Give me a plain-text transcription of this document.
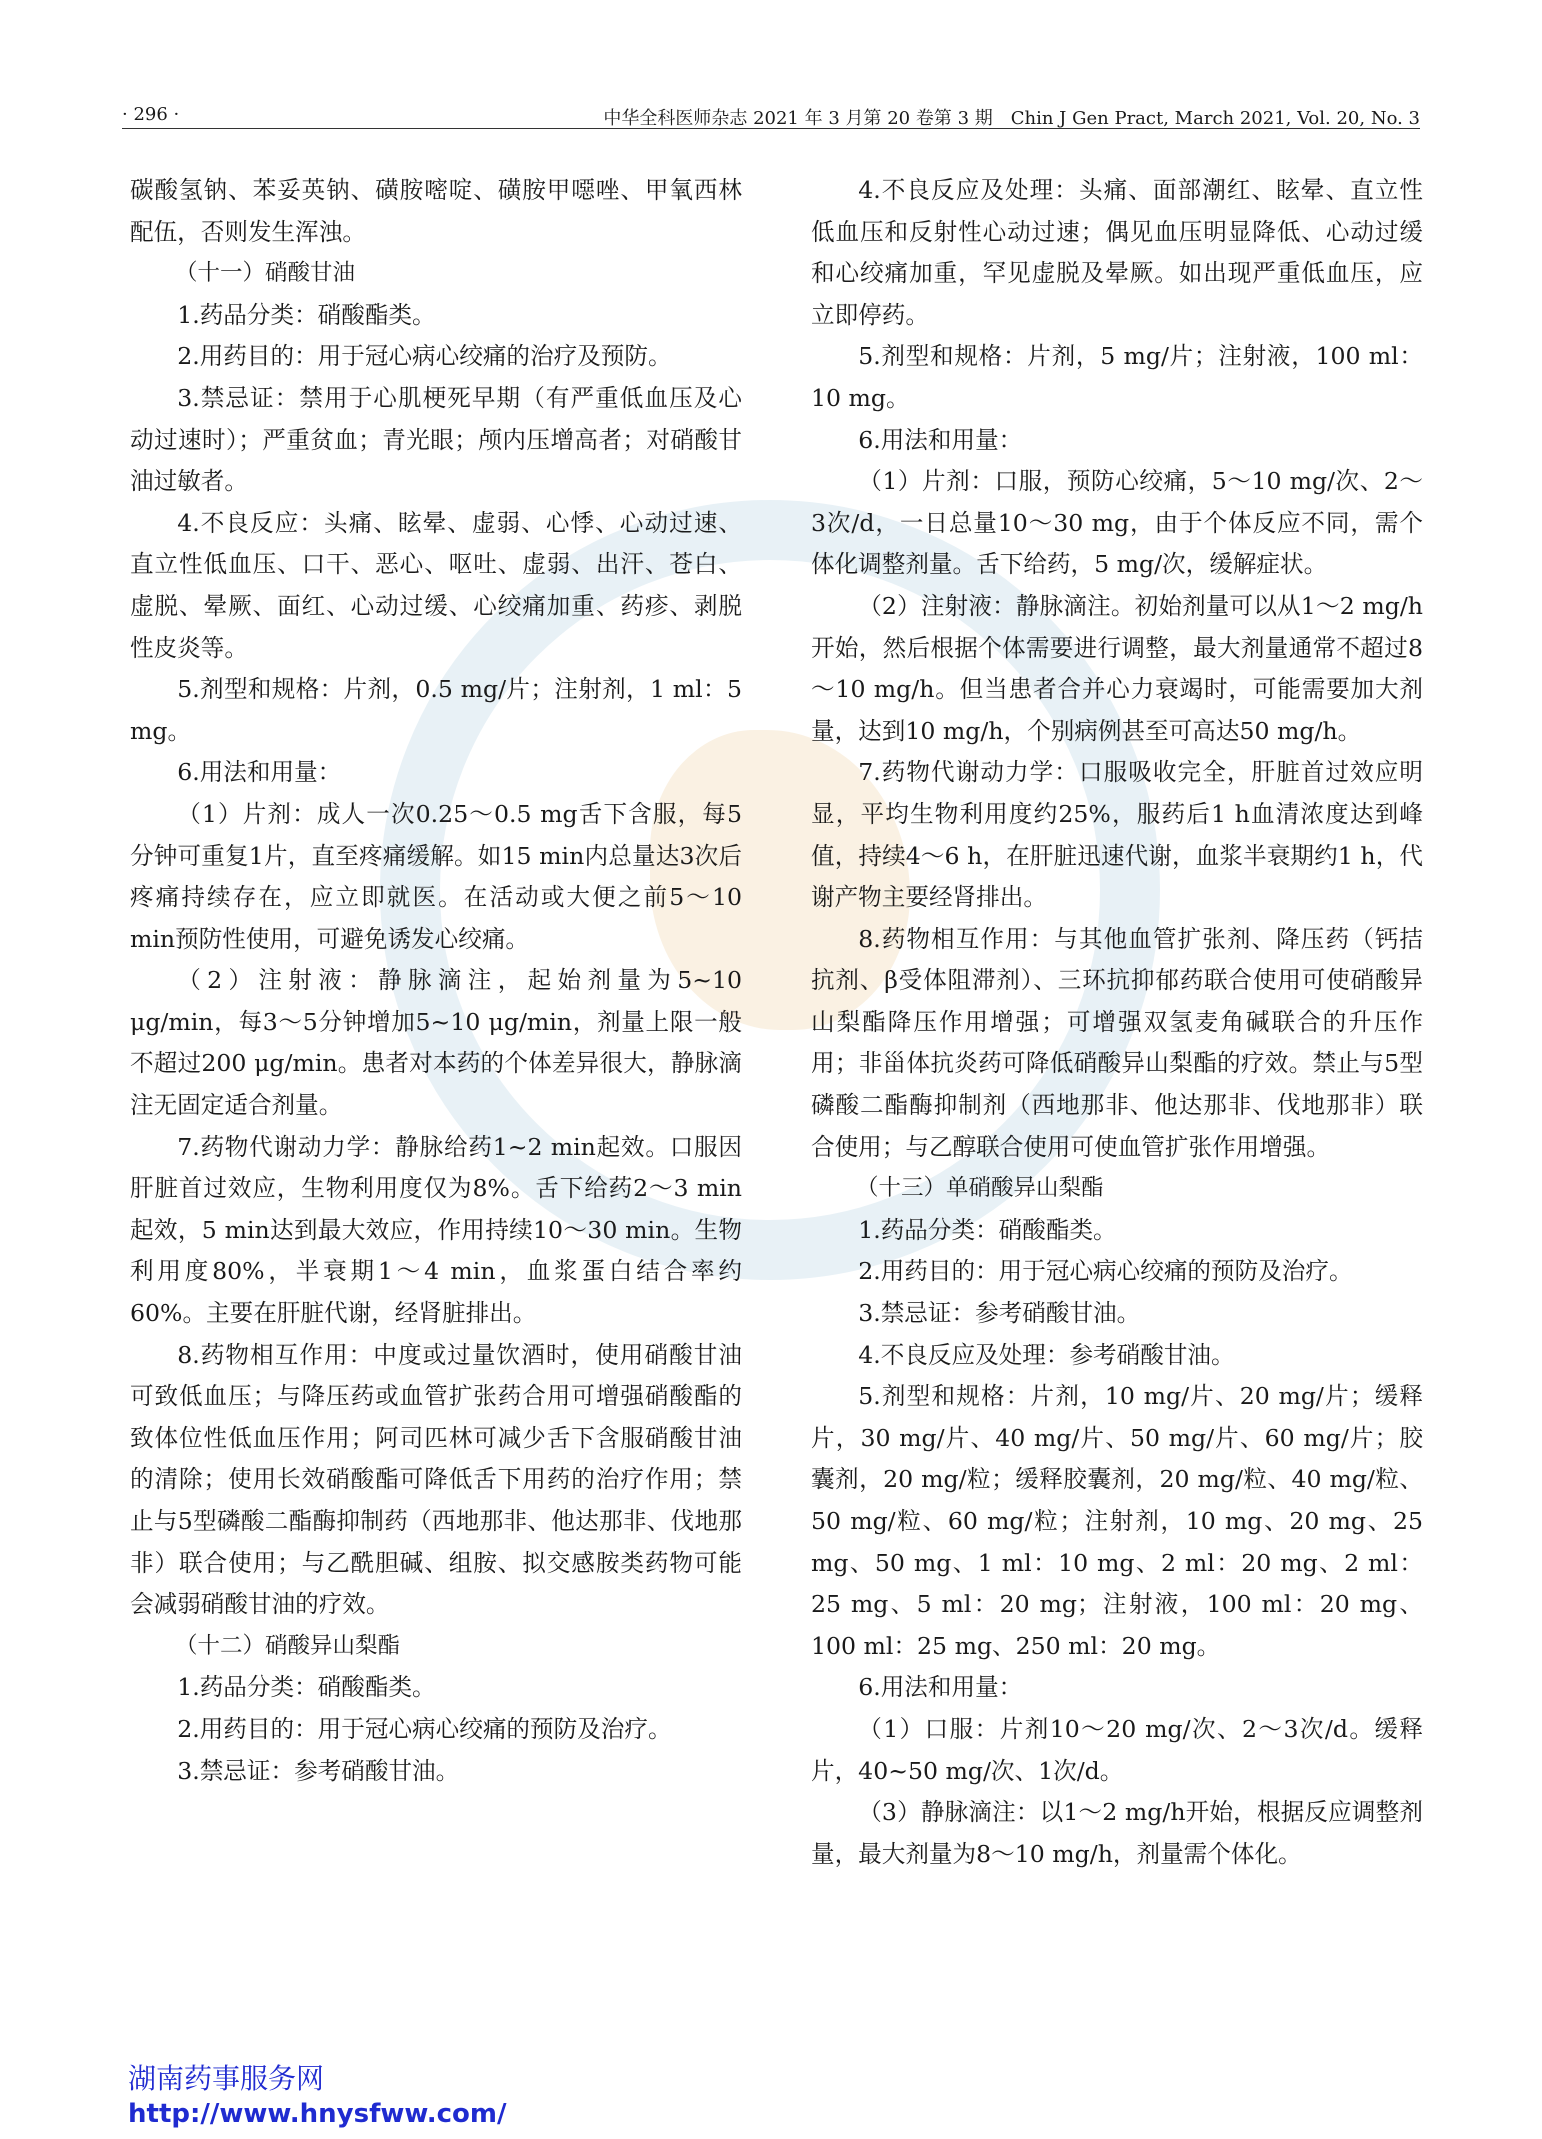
· 296 ·	中华全科医师杂志 2021 年 3 月第 20 卷第 3 期　Chin J Gen Pract, March 2021, Vol. 20, No. 3

碳酸氢钠、苯妥英钠、磺胺嘧啶、磺胺甲噁唑、甲氧西林配伍，否则发生浑浊。

（十一）硝酸甘油

1.药品分类：硝酸酯类。

2.用药目的：用于冠心病心绞痛的治疗及预防。

3.禁忌证：禁用于心肌梗死早期（有严重低血压及心动过速时）；严重贫血；青光眼；颅内压增高者；对硝酸甘油过敏者。

4.不良反应：头痛、眩晕、虚弱、心悸、心动过速、直立性低血压、口干、恶心、呕吐、虚弱、出汗、苍白、虚脱、晕厥、面红、心动过缓、心绞痛加重、药疹、剥脱性皮炎等。

5.剂型和规格：片剂，0.5 mg/片；注射剂，1 ml：5 mg。

6.用法和用量：

（1）片剂：成人一次0.25～0.5 mg舌下含服，每5分钟可重复1片，直至疼痛缓解。如15 min内总量达3次后疼痛持续存在，应立即就医。在活动或大便之前5～10 min预防性使用，可避免诱发心绞痛。

（2）注射液：静脉滴注，起始剂量为5~10 μg/min，每3～5分钟增加5~10 μg/min，剂量上限一般不超过200 μg/min。患者对本药的个体差异很大，静脉滴注无固定适合剂量。

7.药物代谢动力学：静脉给药1~2 min起效。口服因肝脏首过效应，生物利用度仅为8%。舌下给药2～3 min起效，5 min达到最大效应，作用持续10～30 min。生物利用度80%，半衰期1～4 min，血浆蛋白结合率约60%。主要在肝脏代谢，经肾脏排出。

8.药物相互作用：中度或过量饮酒时，使用硝酸甘油可致低血压；与降压药或血管扩张药合用可增强硝酸酯的致体位性低血压作用；阿司匹林可减少舌下含服硝酸甘油的清除；使用长效硝酸酯可降低舌下用药的治疗作用；禁止与5型磷酸二酯酶抑制药（西地那非、他达那非、伐地那非）联合使用；与乙酰胆碱、组胺、拟交感胺类药物可能会减弱硝酸甘油的疗效。

（十二）硝酸异山梨酯

1.药品分类：硝酸酯类。

2.用药目的：用于冠心病心绞痛的预防及治疗。

3.禁忌证：参考硝酸甘油。

4.不良反应及处理：头痛、面部潮红、眩晕、直立性低血压和反射性心动过速；偶见血压明显降低、心动过缓和心绞痛加重，罕见虚脱及晕厥。如出现严重低血压，应立即停药。

5.剂型和规格：片剂，5 mg/片；注射液，100 ml：10 mg。

6.用法和用量：

（1）片剂：口服，预防心绞痛，5～10 mg/次、2～3次/d，一日总量10～30 mg，由于个体反应不同，需个体化调整剂量。舌下给药，5 mg/次，缓解症状。

（2）注射液：静脉滴注。初始剂量可以从1～2 mg/h开始，然后根据个体需要进行调整，最大剂量通常不超过8～10 mg/h。但当患者合并心力衰竭时，可能需要加大剂量，达到10 mg/h，个别病例甚至可高达50 mg/h。

7.药物代谢动力学：口服吸收完全，肝脏首过效应明显，平均生物利用度约25%，服药后1 h血清浓度达到峰值，持续4～6 h，在肝脏迅速代谢，血浆半衰期约1 h，代谢产物主要经肾排出。

8.药物相互作用：与其他血管扩张剂、降压药（钙拮抗剂、β受体阻滞剂）、三环抗抑郁药联合使用可使硝酸异山梨酯降压作用增强；可增强双氢麦角碱联合的升压作用；非甾体抗炎药可降低硝酸异山梨酯的疗效。禁止与5型磷酸二酯酶抑制剂（西地那非、他达那非、伐地那非）联合使用；与乙醇联合使用可使血管扩张作用增强。

（十三）单硝酸异山梨酯

1.药品分类：硝酸酯类。

2.用药目的：用于冠心病心绞痛的预防及治疗。

3.禁忌证：参考硝酸甘油。

4.不良反应及处理：参考硝酸甘油。

5.剂型和规格：片剂，10 mg/片、20 mg/片；缓释片，30 mg/片、40 mg/片、50 mg/片、60 mg/片；胶囊剂，20 mg/粒；缓释胶囊剂，20 mg/粒、40 mg/粒、50 mg/粒、60 mg/粒；注射剂，10 mg、20 mg、25 mg、50 mg、1 ml：10 mg、2 ml：20 mg、2 ml：25 mg、5 ml：20 mg；注射液，100 ml：20 mg、100 ml：25 mg、250 ml：20 mg。

6.用法和用量：

（1）口服：片剂10～20 mg/次、2～3次/d。缓释片，40~50 mg/次、1次/d。

（3）静脉滴注：以1～2 mg/h开始，根据反应调整剂量，最大剂量为8～10 mg/h，剂量需个体化。

湖南药事服务网
http://www.hnysfww.com/
